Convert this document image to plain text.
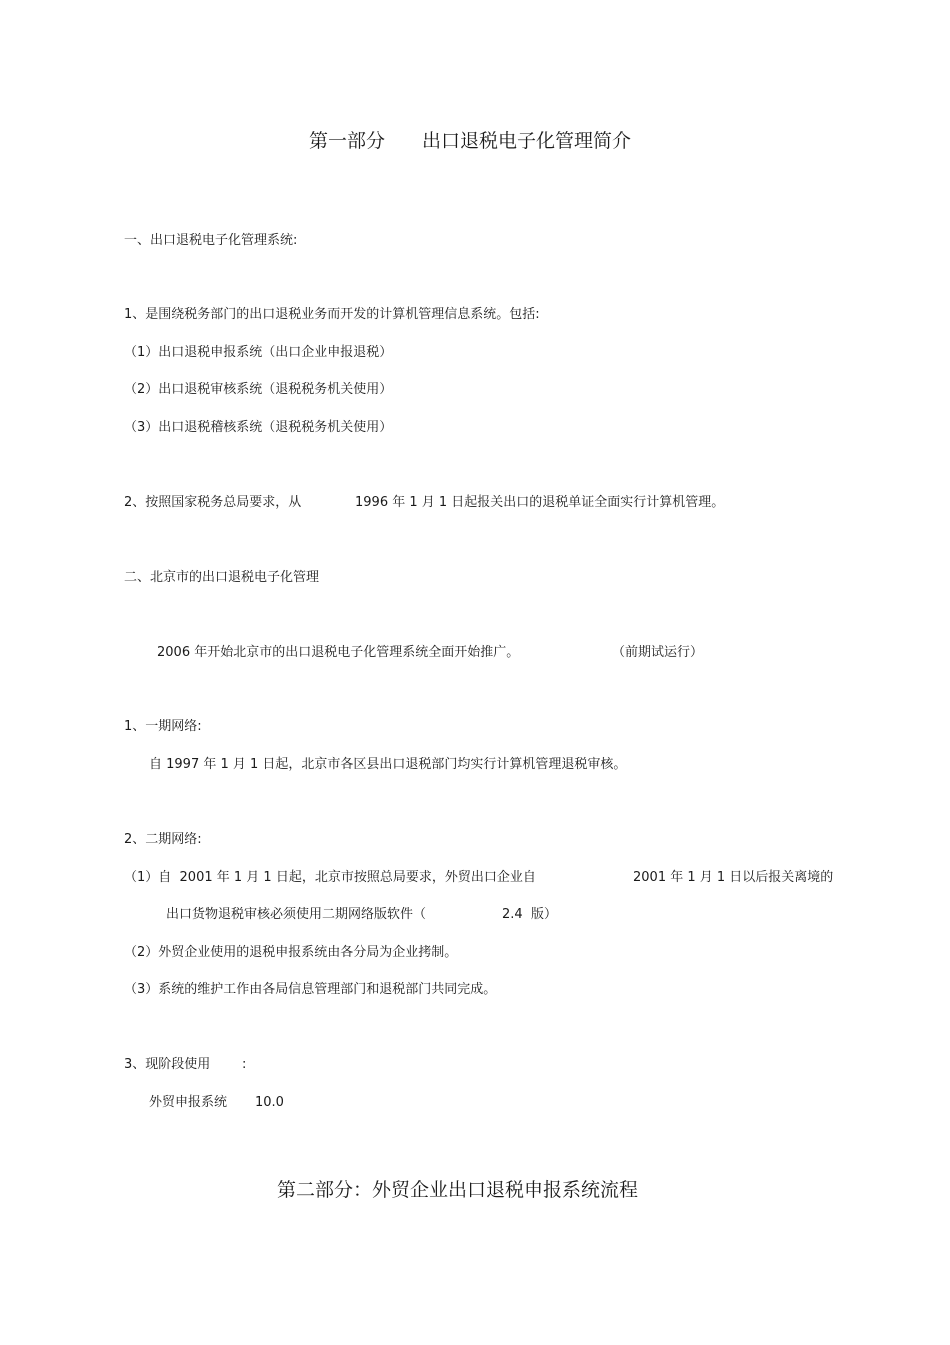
第一部分 出口退税电子化管理简介
一、出口退税电子化管理系统:
1、是围绕税务部门的出口退税业务而开发的计算机管理信息系统。包括:
（1）出口退税申报系统（出口企业申报退税）
（2）出口退税审核系统（退税税务机关使用）
（3）出口退税稽核系统（退税税务机关使用）
2、按照国家税务总局要求，从	1996 年 1 月 1 日起报关出口的退税单证全面实行计算机管理。
二、北京市的出口退税电子化管理
2006 年开始北京市的出口退税电子化管理系统全面开始推广。	（前期试运行）
1、一期网络:
自 1997 年 1 月 1 日起，北京市各区县出口退税部门均实行计算机管理退税审核。
2、二期网络:
（1）自  2001 年 1 月 1 日起，北京市按照总局要求，外贸出口企业自	2001 年 1 月 1 日以后报关离境的
出口货物退税审核必须使用二期网络版软件（	2.4  版）
（2）外贸企业使用的退税申报系统由各分局为企业拷制。
（3）系统的维护工作由各局信息管理部门和退税部门共同完成。
3、现阶段使用 :
外贸申报系统 10.0
第二部分：外贸企业出口退税申报系统流程
